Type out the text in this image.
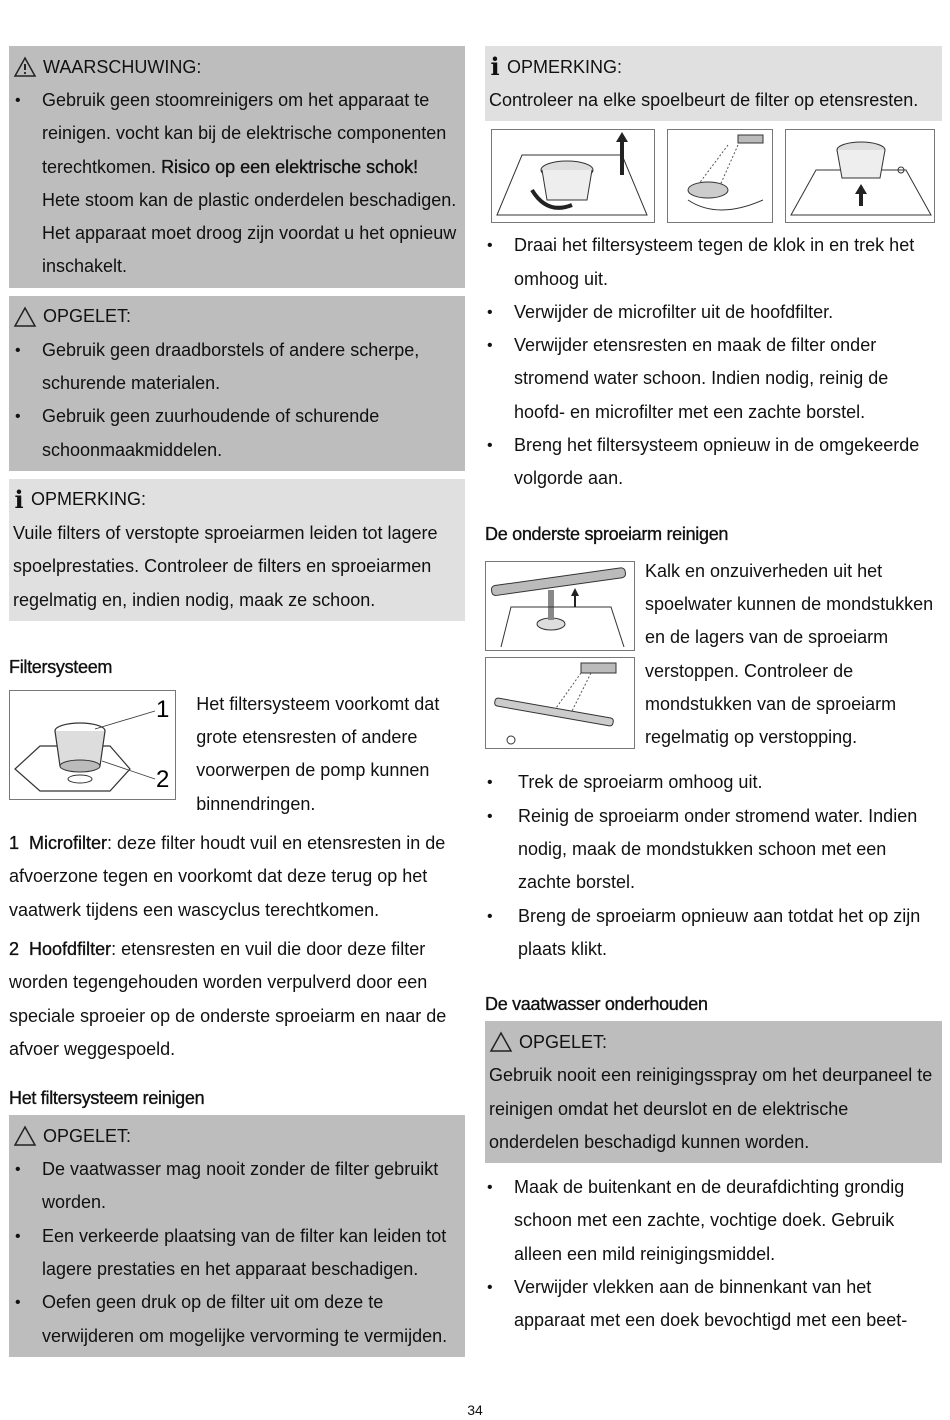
WAARSCHUWING:
• Gebruik geen stoomreinigers om het apparaat te reinigen. vocht kan bij de elektrische componenten terechtkomen. Risico op een elektrische schok! Hete stoom kan de plastic onderdelen beschadigen. Het apparaat moet droog zijn voordat u het opnieuw inschakelt.
OPGELET:
• Gebruik geen draadborstels of andere scherpe, schurende materialen.
• Gebruik geen zuurhoudende of schurende schoonmaakmiddelen.
i OPMERKING:

Vuile filters of verstopte sproeiarmen leiden tot lagere spoelprestaties. Controleer de filters en sproeiarmen regelmatig en, indien nodig, maak ze schoon.

Filtersysteem
1
2

Het filtersysteem voorkomt dat grote etensresten of andere voorwerpen de pomp kunnen binnendringen.

1 Microfilter: deze filter houdt vuil en etensresten in de afvoerzone tegen en voorkomt dat deze terug op het vaatwerk tijdens een wascyclus terechtkomen.

2 Hoofdfilter: etensresten en vuil die door deze filter worden tegengehouden worden verpulverd door een speciale sproeier op de onderste sproeiarm en naar de afvoer weggespoeld.

Het filtersysteem reinigen
OPGELET:
• De vaatwasser mag nooit zonder de filter gebruikt worden.
• Een verkeerde plaatsing van de filter kan leiden tot lagere prestaties en het apparaat beschadigen.
• Oefen geen druk op de filter uit om deze te verwijderen om mogelijke vervorming te vermijden.
i OPMERKING:

Controleer na elke spoelbeurt de filter op etensresten.

• Draai het filtersysteem tegen de klok in en trek het omhoog uit.
• Verwijder de microfilter uit de hoofdfilter.
• Verwijder etensresten en maak de filter onder stromend water schoon. Indien nodig, reinig de hoofd- en microfilter met een zachte borstel.
• Breng het filtersysteem opnieuw in de omgekeerde volgorde aan.
De onderste sproeiarm reinigen

Kalk en onzuiverheden uit het spoelwater kunnen de mondstukken en de lagers van de sproeiarm verstoppen. Controleer de mondstukken van de sproeiarm regelmatig op verstopping.

• Trek de sproeiarm omhoog uit.
• Reinig de sproeiarm onder stromend water. Indien nodig, maak de mondstukken schoon met een zachte borstel.
• Breng de sproeiarm opnieuw aan totdat het op zijn plaats klikt.
De vaatwasser onderhouden
OPGELET:

Gebruik nooit een reinigingsspray om het deurpaneel te reinigen omdat het deurslot en de elektrische onderdelen beschadigd kunnen worden.

• Maak de buitenkant en de deurafdichting grondig schoon met een zachte, vochtige doek. Gebruik alleen een mild reinigingsmiddel.
• Verwijder vlekken aan de binnenkant van het apparaat met een doek bevochtigd met een beet-
34
